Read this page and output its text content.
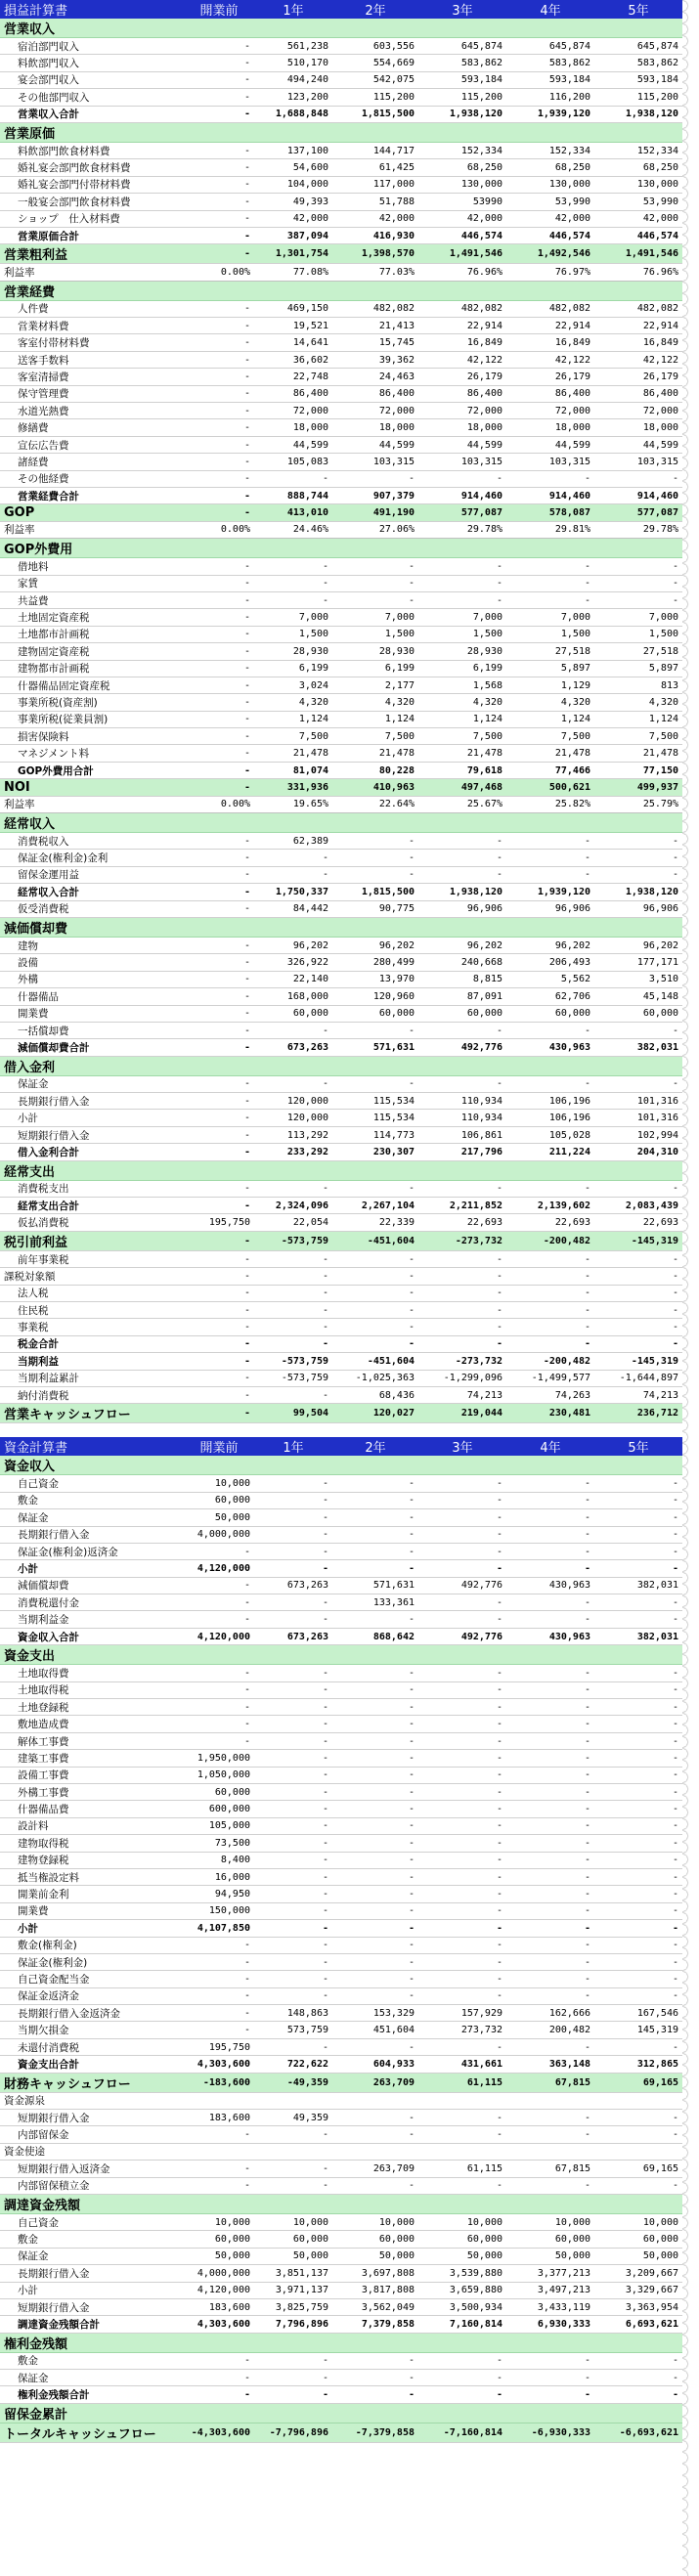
損益計算書	開業前	1年	2年	3年	4年	5年
営業収入						
宿泊部門収入	-	561,238	603,556	645,874	645,874	645,874
料飲部門収入	-	510,170	554,669	583,862	583,862	583,862
宴会部門収入	-	494,240	542,075	593,184	593,184	593,184
その他部門収入	-	123,200	115,200	115,200	116,200	115,200
営業収入合計	-	1,688,848	1,815,500	1,938,120	1,939,120	1,938,120
営業原価						
料飲部門飲食材料費	-	137,100	144,717	152,334	152,334	152,334
婚礼宴会部門飲食材料費	-	54,600	61,425	68,250	68,250	68,250
婚礼宴会部門付帯材料費	-	104,000	117,000	130,000	130,000	130,000
一般宴会部門飲食材料費	-	49,393	51,788	53990	53,990	53,990
ショップ　仕入材料費	-	42,000	42,000	42,000	42,000	42,000
営業原価合計	-	387,094	416,930	446,574	446,574	446,574
営業粗利益	-	1,301,754	1,398,570	1,491,546	1,492,546	1,491,546
利益率	0.00%	77.08%	77.03%	76.96%	76.97%	76.96%
営業経費						
人件費	-	469,150	482,082	482,082	482,082	482,082
営業材料費	-	19,521	21,413	22,914	22,914	22,914
客室付帯材料費	-	14,641	15,745	16,849	16,849	16,849
送客手数料	-	36,602	39,362	42,122	42,122	42,122
客室清掃費	-	22,748	24,463	26,179	26,179	26,179
保守管理費	-	86,400	86,400	86,400	86,400	86,400
水道光熱費	-	72,000	72,000	72,000	72,000	72,000
修繕費	-	18,000	18,000	18,000	18,000	18,000
宣伝広告費	-	44,599	44,599	44,599	44,599	44,599
諸経費	-	105,083	103,315	103,315	103,315	103,315
その他経費	-	-	-	-	-	-
営業経費合計	-	888,744	907,379	914,460	914,460	914,460
GOP	-	413,010	491,190	577,087	578,087	577,087
利益率	0.00%	24.46%	27.06%	29.78%	29.81%	29.78%
GOP外費用						
借地料	-	-	-	-	-	-
家賃	-	-	-	-	-	-
共益費	-	-	-	-	-	-
土地固定資産税	-	7,000	7,000	7,000	7,000	7,000
土地都市計画税	-	1,500	1,500	1,500	1,500	1,500
建物固定資産税	-	28,930	28,930	28,930	27,518	27,518
建物都市計画税	-	6,199	6,199	6,199	5,897	5,897
什器備品固定資産税	-	3,024	2,177	1,568	1,129	813
事業所税(資産割)	-	4,320	4,320	4,320	4,320	4,320
事業所税(従業員割)	-	1,124	1,124	1,124	1,124	1,124
損害保険料	-	7,500	7,500	7,500	7,500	7,500
マネジメント料	-	21,478	21,478	21,478	21,478	21,478
GOP外費用合計	-	81,074	80,228	79,618	77,466	77,150
NOI	-	331,936	410,963	497,468	500,621	499,937
利益率	0.00%	19.65%	22.64%	25.67%	25.82%	25.79%
経常収入						
消費税収入	-	62,389	-	-	-	-
保証金(権利金)金利	-	-	-	-	-	-
留保金運用益	-	-	-	-	-	-
経常収入合計	-	1,750,337	1,815,500	1,938,120	1,939,120	1,938,120
仮受消費税	-	84,442	90,775	96,906	96,906	96,906
減価償却費						
建物	-	96,202	96,202	96,202	96,202	96,202
設備	-	326,922	280,499	240,668	206,493	177,171
外構	-	22,140	13,970	8,815	5,562	3,510
什器備品	-	168,000	120,960	87,091	62,706	45,148
開業費	-	60,000	60,000	60,000	60,000	60,000
一括償却費	-	-	-	-	-	-
減価償却費合計	-	673,263	571,631	492,776	430,963	382,031
借入金利						
保証金	-	-	-	-	-	-
長期銀行借入金	-	120,000	115,534	110,934	106,196	101,316
小計	-	120,000	115,534	110,934	106,196	101,316
短期銀行借入金	-	113,292	114,773	106,861	105,028	102,994
借入金利合計	-	233,292	230,307	217,796	211,224	204,310
経常支出						
消費税支出	-	-	-	-	-	-
経常支出合計	-	2,324,096	2,267,104	2,211,852	2,139,602	2,083,439
仮払消費税	195,750	22,054	22,339	22,693	22,693	22,693
税引前利益	-	-573,759	-451,604	-273,732	-200,482	-145,319
前年事業税	-	-	-	-	-	-
課税対象額	-	-	-	-	-	-
法人税	-	-	-	-	-	-
住民税	-	-	-	-	-	-
事業税	-	-	-	-	-	-
税金合計	-	-	-	-	-	-
当期利益	-	-573,759	-451,604	-273,732	-200,482	-145,319
当期利益累計	-	-573,759	-1,025,363	-1,299,096	-1,499,577	-1,644,897
納付消費税	-	-	68,436	74,213	74,263	74,213
営業キャッシュフロー	-	99,504	120,027	219,044	230,481	236,712
資金計算書	開業前	1年	2年	3年	4年	5年
資金収入						
自己資金	10,000	-	-	-	-	-
敷金	60,000	-	-	-	-	-
保証金	50,000	-	-	-	-	-
長期銀行借入金	4,000,000	-	-	-	-	-
保証金(権利金)返済金	-	-	-	-	-	-
小計	4,120,000	-	-	-	-	-
減価償却費	-	673,263	571,631	492,776	430,963	382,031
消費税還付金	-	-	133,361	-	-	-
当期利益金	-	-	-	-	-	-
資金収入合計	4,120,000	673,263	868,642	492,776	430,963	382,031
資金支出						
土地取得費	-	-	-	-	-	-
土地取得税	-	-	-	-	-	-
土地登録税	-	-	-	-	-	-
敷地造成費	-	-	-	-	-	-
解体工事費	-	-	-	-	-	-
建築工事費	1,950,000	-	-	-	-	-
設備工事費	1,050,000	-	-	-	-	-
外構工事費	60,000	-	-	-	-	-
什器備品費	600,000	-	-	-	-	-
設計料	105,000	-	-	-	-	-
建物取得税	73,500	-	-	-	-	-
建物登録税	8,400	-	-	-	-	-
抵当権設定料	16,000	-	-	-	-	-
開業前金利	94,950	-	-	-	-	-
開業費	150,000	-	-	-	-	-
小計	4,107,850	-	-	-	-	-
敷金(権利金)	-	-	-	-	-	-
保証金(権利金)	-	-	-	-	-	-
自己資金配当金	-	-	-	-	-	-
保証金返済金	-	-	-	-	-	-
長期銀行借入金返済金	-	148,863	153,329	157,929	162,666	167,546
当期欠損金	-	573,759	451,604	273,732	200,482	145,319
未還付消費税	195,750	-	-	-	-	-
資金支出合計	4,303,600	722,622	604,933	431,661	363,148	312,865
財務キャッシュフロー	-183,600	-49,359	263,709	61,115	67,815	69,165
資金源泉						
短期銀行借入金	183,600	49,359	-	-	-	-
内部留保金	-	-	-	-	-	-
資金使途						
短期銀行借入返済金	-	-	263,709	61,115	67,815	69,165
内部留保積立金	-	-	-	-	-	-
調達資金残額						
自己資金	10,000	10,000	10,000	10,000	10,000	10,000
敷金	60,000	60,000	60,000	60,000	60,000	60,000
保証金	50,000	50,000	50,000	50,000	50,000	50,000
長期銀行借入金	4,000,000	3,851,137	3,697,808	3,539,880	3,377,213	3,209,667
小計	4,120,000	3,971,137	3,817,808	3,659,880	3,497,213	3,329,667
短期銀行借入金	183,600	3,825,759	3,562,049	3,500,934	3,433,119	3,363,954
調達資金残額合計	4,303,600	7,796,896	7,379,858	7,160,814	6,930,333	6,693,621
権利金残額						
敷金	-	-	-	-	-	-
保証金	-	-	-	-	-	-
権利金残額合計	-	-	-	-	-	-
留保金累計						
トータルキャッシュフロー	-4,303,600	-7,796,896	-7,379,858	-7,160,814	-6,930,333	-6,693,621
